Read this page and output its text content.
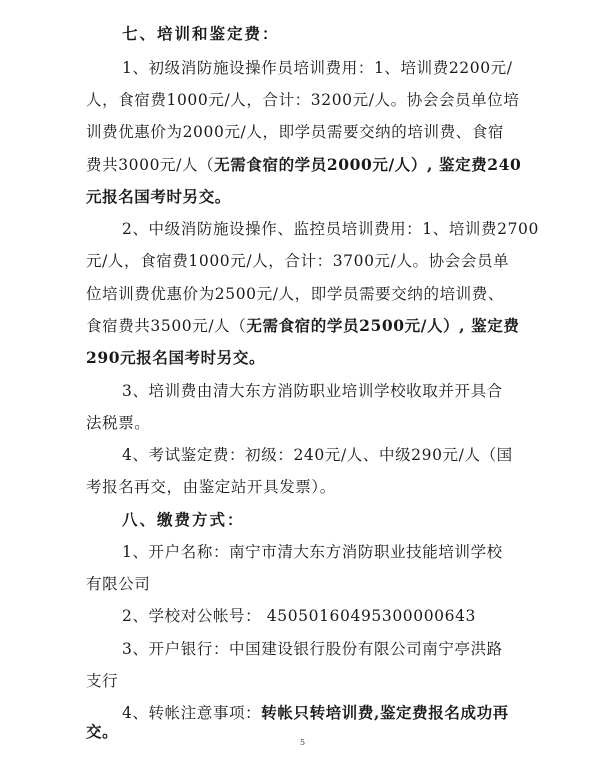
七、培训和鉴定费：
1、初级消防施设操作员培训费用：1、培训费2200元/
人，食宿费1000元/人，合计：3200元/人。协会会员单位培
训费优惠价为2000元/人，即学员需要交纳的培训费、食宿
费共3000元/人（无需食宿的学员2000元/人）, 鉴定费240
元报名国考时另交。
2、中级消防施设操作、监控员培训费用：1、培训费2700
元/人，食宿费1000元/人，合计：3700元/人。协会会员单
位培训费优惠价为2500元/人，即学员需要交纳的培训费、
食宿费共3500元/人（无需食宿的学员2500元/人）, 鉴定费
290元报名国考时另交。
3、培训费由清大东方消防职业培训学校收取并开具合
法税票。
4、考试鉴定费：初级：240元/人、中级290元/人（国
考报名再交，由鉴定站开具发票）。
八、缴费方式：
1、开户名称：南宁市清大东方消防职业技能培训学校
有限公司
2、学校对公帐号： 45050160495300000643
3、开户银行：中国建设银行股份有限公司南宁亭洪路
支行
4、转帐注意事项：转帐只转培训费,鉴定费报名成功再
交。
5
